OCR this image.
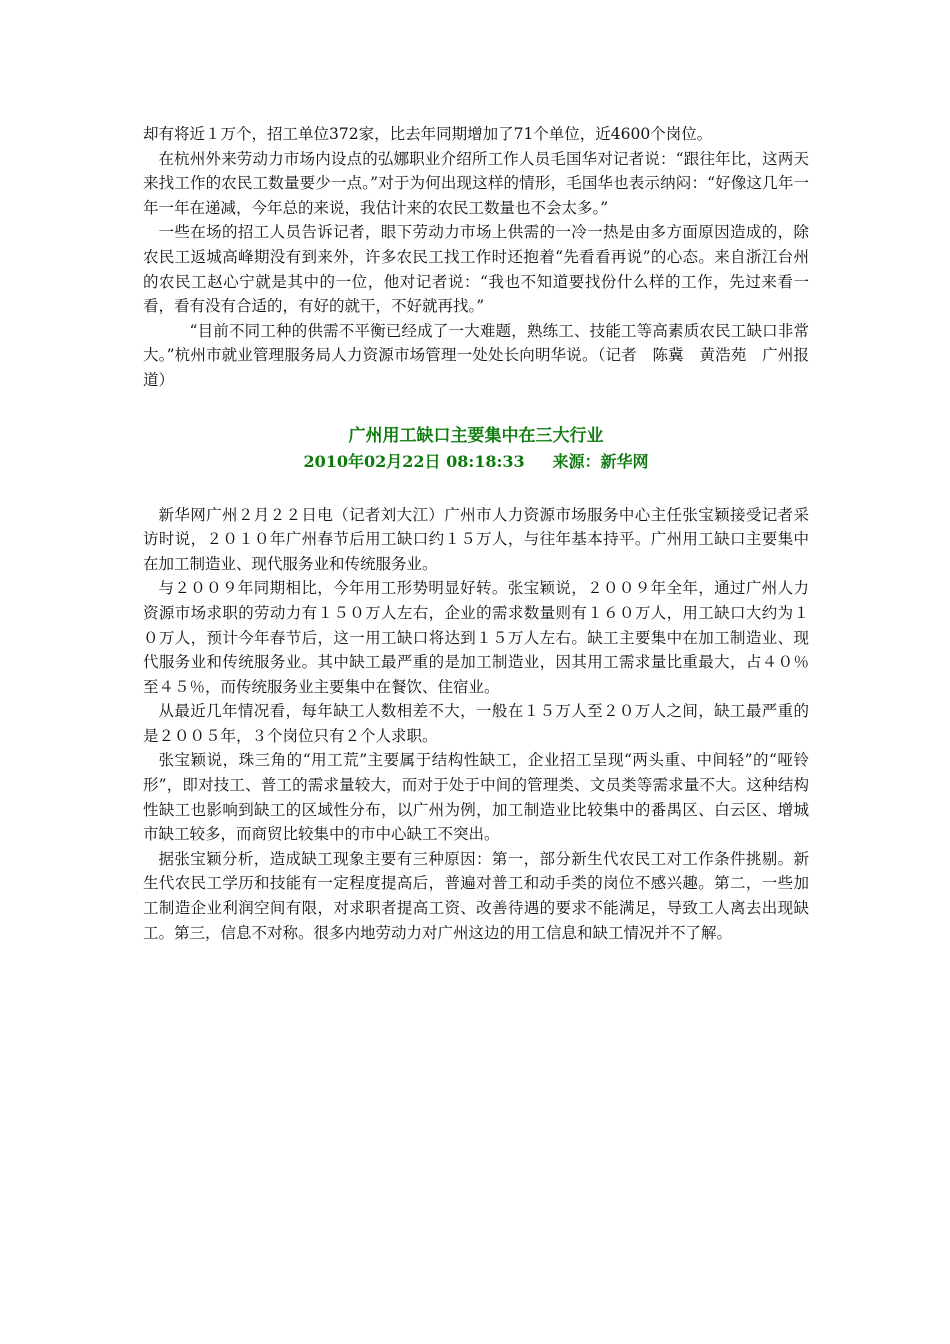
却有将近１万个，招工单位372家，比去年同期增加了71个单位，近4600个岗位。

在杭州外来劳动力市场内设点的弘娜职业介绍所工作人员毛国华对记者说：“跟往年比，这两天来找工作的农民工数量要少一点。”对于为何出现这样的情形，毛国华也表示纳闷：“好像这几年一年一年在递减，今年总的来说，我估计来的农民工数量也不会太多。”

一些在场的招工人员告诉记者，眼下劳动力市场上供需的一冷一热是由多方面原因造成的，除农民工返城高峰期没有到来外，许多农民工找工作时还抱着“先看看再说”的心态。来自浙江台州的农民工赵心宁就是其中的一位，他对记者说：“我也不知道要找份什么样的工作，先过来看一看，看有没有合适的，有好的就干，不好就再找。”

“目前不同工种的供需不平衡已经成了一大难题，熟练工、技能工等高素质农民工缺口非常大。”杭州市就业管理服务局人力资源市场管理一处处长向明华说。（记者　陈冀　黄浩苑　广州报道）

广州用工缺口主要集中在三大行业

2010年02月22日 08:18:33 来源：新华网

新华网广州２月２２日电（记者刘大江）广州市人力资源市场服务中心主任张宝颖接受记者采访时说，２０１０年广州春节后用工缺口约１５万人，与往年基本持平。广州用工缺口主要集中在加工制造业、现代服务业和传统服务业。

与２００９年同期相比，今年用工形势明显好转。张宝颖说，２００９年全年，通过广州人力资源市场求职的劳动力有１５０万人左右，企业的需求数量则有１６０万人，用工缺口大约为１０万人，预计今年春节后，这一用工缺口将达到１５万人左右。缺工主要集中在加工制造业、现代服务业和传统服务业。其中缺工最严重的是加工制造业，因其用工需求量比重最大，占４０％至４５％，而传统服务业主要集中在餐饮、住宿业。

从最近几年情况看，每年缺工人数相差不大，一般在１５万人至２０万人之间，缺工最严重的是２００５年，３个岗位只有２个人求职。

张宝颖说，珠三角的“用工荒”主要属于结构性缺工，企业招工呈现“两头重、中间轻”的“哑铃形”，即对技工、普工的需求量较大，而对于处于中间的管理类、文员类等需求量不大。这种结构性缺工也影响到缺工的区域性分布，以广州为例，加工制造业比较集中的番禺区、白云区、增城市缺工较多，而商贸比较集中的市中心缺工不突出。

据张宝颖分析，造成缺工现象主要有三种原因：第一，部分新生代农民工对工作条件挑剔。新生代农民工学历和技能有一定程度提高后，普遍对普工和动手类的岗位不感兴趣。第二，一些加工制造企业利润空间有限，对求职者提高工资、改善待遇的要求不能满足，导致工人离去出现缺工。第三，信息不对称。很多内地劳动力对广州这边的用工信息和缺工情况并不了解。
